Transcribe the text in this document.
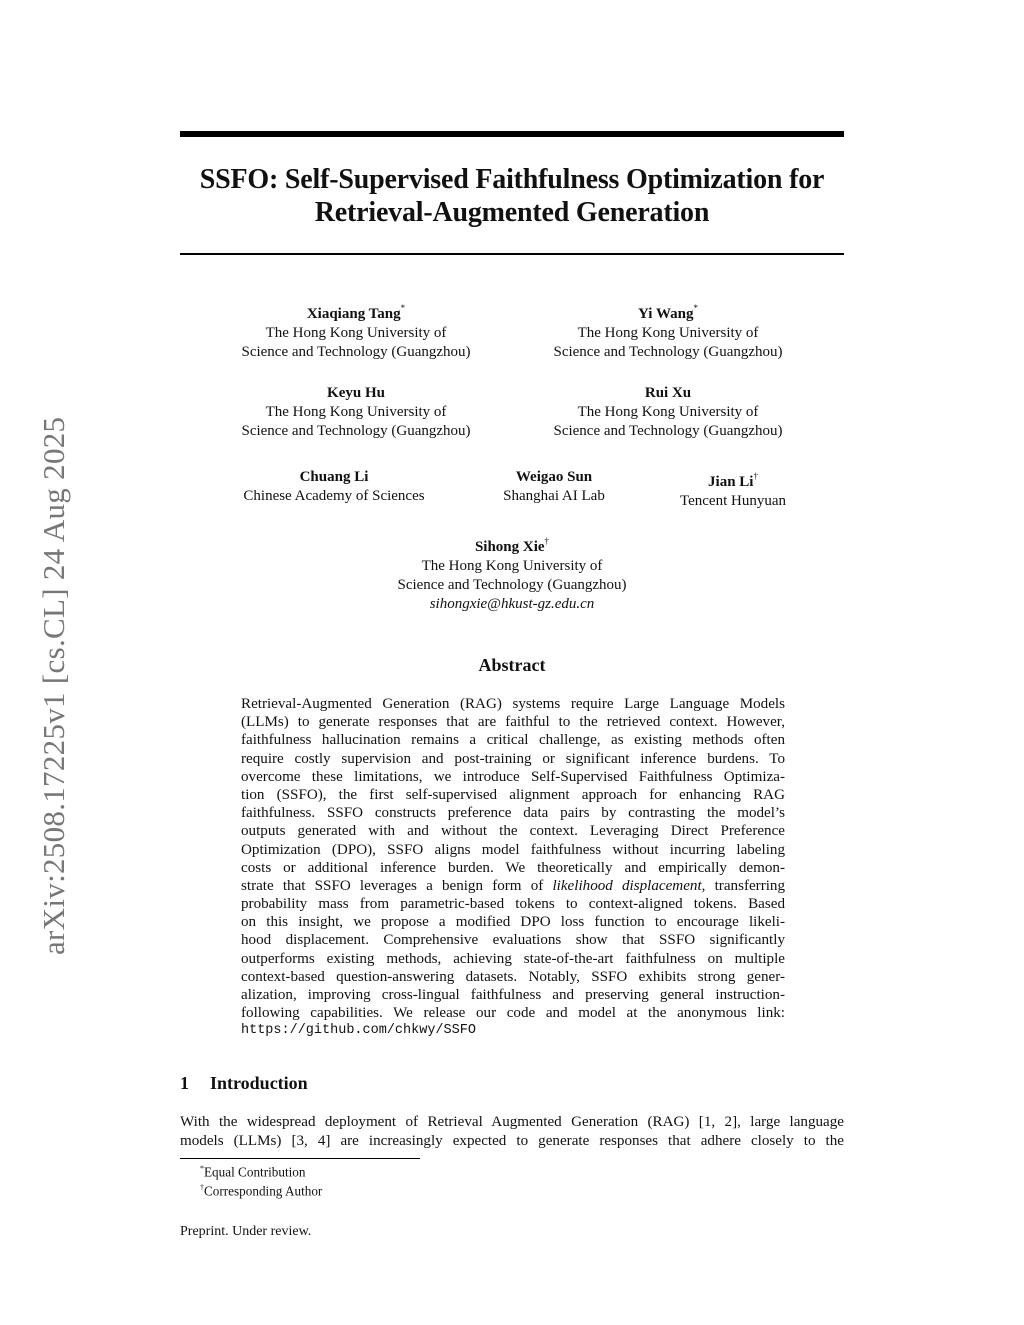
SSFO: Self-Supervised Faithfulness Optimization for
Retrieval-Augmented Generation
arXiv:2508.17225v1 [cs.CL] 24 Aug 2025
Xiaqiang Tang*
The Hong Kong University of
Science and Technology (Guangzhou)
Yi Wang*
The Hong Kong University of
Science and Technology (Guangzhou)
Keyu Hu
The Hong Kong University of
Science and Technology (Guangzhou)
Rui Xu
The Hong Kong University of
Science and Technology (Guangzhou)
Chuang Li
Chinese Academy of Sciences
Weigao Sun
Shanghai AI Lab
Jian Li†
Tencent Hunyuan
Sihong Xie†
The Hong Kong University of
Science and Technology (Guangzhou)
sihongxie@hkust-gz.edu.cn
Abstract
Retrieval-Augmented Generation (RAG) systems require Large Language Models
(LLMs) to generate responses that are faithful to the retrieved context. However,
faithfulness hallucination remains a critical challenge, as existing methods often
require costly supervision and post-training or significant inference burdens. To
overcome these limitations, we introduce Self-Supervised Faithfulness Optimiza-
tion (SSFO), the first self-supervised alignment approach for enhancing RAG
faithfulness. SSFO constructs preference data pairs by contrasting the model’s
outputs generated with and without the context. Leveraging Direct Preference
Optimization (DPO), SSFO aligns model faithfulness without incurring labeling
costs or additional inference burden. We theoretically and empirically demon-
strate that SSFO leverages a benign form of likelihood displacement, transferring
probability mass from parametric-based tokens to context-aligned tokens. Based
on this insight, we propose a modified DPO loss function to encourage likeli-
hood displacement. Comprehensive evaluations show that SSFO significantly
outperforms existing methods, achieving state-of-the-art faithfulness on multiple
context-based question-answering datasets. Notably, SSFO exhibits strong gener-
alization, improving cross-lingual faithfulness and preserving general instruction-
following capabilities. We release our code and model at the anonymous link:
https://github.com/chkwy/SSFO
1 Introduction
With the widespread deployment of Retrieval Augmented Generation (RAG) [1, 2], large language
models (LLMs) [3, 4] are increasingly expected to generate responses that adhere closely to the
*Equal Contribution
†Corresponding Author
Preprint. Under review.
